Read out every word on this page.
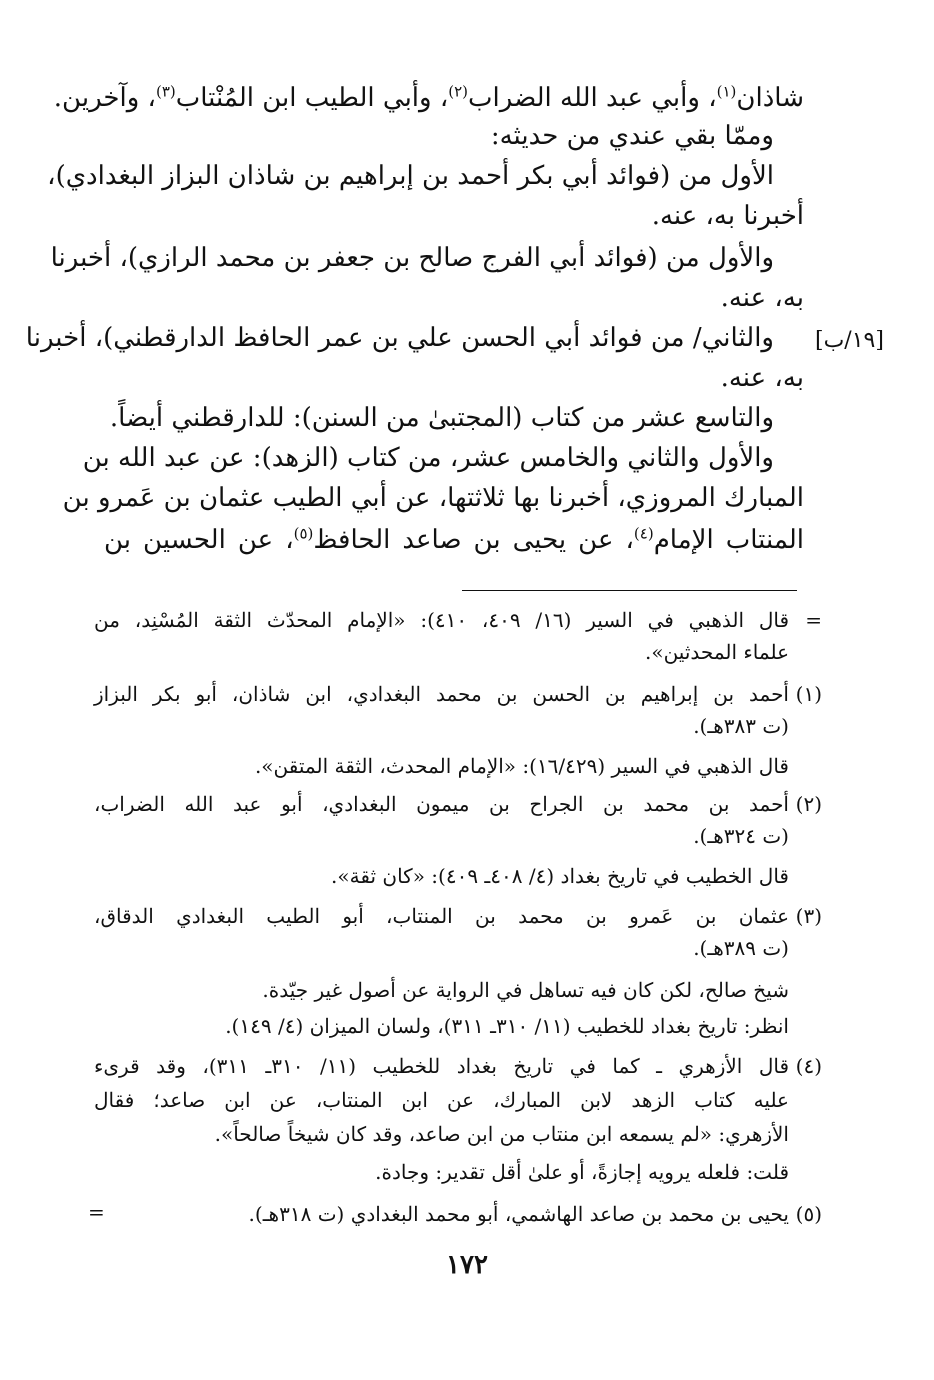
شاذان$^{(١)}$، وأبي عبد الله الضراب$^{(٢)}$، وأبي الطيب ابن المُنْتاب$^{(٣)}$، وآخرين.
وممّا بقي عندي من حديثه:
الأول من (فوائد أبي بكر أحمد بن إبراهيم بن شاذان البزاز البغدادي)،
أخبرنا به، عنه.
والأول من (فوائد أبي الفرج صالح بن جعفر بن محمد الرازي)، أخبرنا
به، عنه.
والثاني/ من فوائد أبي الحسن علي بن عمر الحافظ الدارقطني)، أخبرنا
به، عنه.
والتاسع عشر من كتاب (المجتبىٰ من السنن): للدارقطني أيضاً.
والأول والثاني والخامس عشر، من كتاب (الزهد): عن عبد الله بن
المبارك المروزي، أخبرنا بها ثلاثتها، عن أبي الطيب عثمان بن عَمرو بن
المنتاب الإمام$^{(٤)}$، عن يحيى بن صاعد الحافظ$^{(٥)}$، عن الحسين بن
[١٩/ب]
=
قال الذهبي في السير (١٦/ ٤٠٩، ٤١٠): «الإمام المحدّث الثقة المُسْنِد، من
علماء المحدثين».
(١)
أحمد بن إبراهيم بن الحسن بن محمد البغدادي، ابن شاذان، أبو بكر البزاز
(ت ٣٨٣هـ).
قال الذهبي في السير (١٦/٤٢٩): «الإمام المحدث، الثقة المتقن».
(٢)
أحمد بن محمد بن الجراح بن ميمون البغدادي، أبو عبد الله الضراب،
(ت ٣٢٤هـ).
قال الخطيب في تاريخ بغداد (٤/ ٤٠٨ـ ٤٠٩): «كان ثقة».
(٣)
عثمان بن عَمرو بن محمد بن المنتاب، أبو الطيب البغدادي الدقاق،
(ت ٣٨٩هـ).
شيخ صالح، لكن كان فيه تساهل في الرواية عن أصول غير جيّدة.
انظر: تاريخ بغداد للخطيب (١١/ ٣١٠ـ ٣١١)، ولسان الميزان (٤/ ١٤٩).
(٤)
قال الأزهري ـ كما في تاريخ بغداد للخطيب (١١/ ٣١٠ـ ٣١١)، وقد قرىء
عليه كتاب الزهد لابن المبارك، عن ابن المنتاب، عن ابن صاعد؛ فقال
الأزهري: «لم يسمعه ابن منتاب من ابن صاعد، وقد كان شيخاً صالحاً».
قلت: فلعله يرويه إجازةً، أو علىٰ أقل تقدير: وجادة.
(٥)
يحيى بن محمد بن صاعد الهاشمي، أبو محمد البغدادي (ت ٣١٨هـ).
=
١٧٢
